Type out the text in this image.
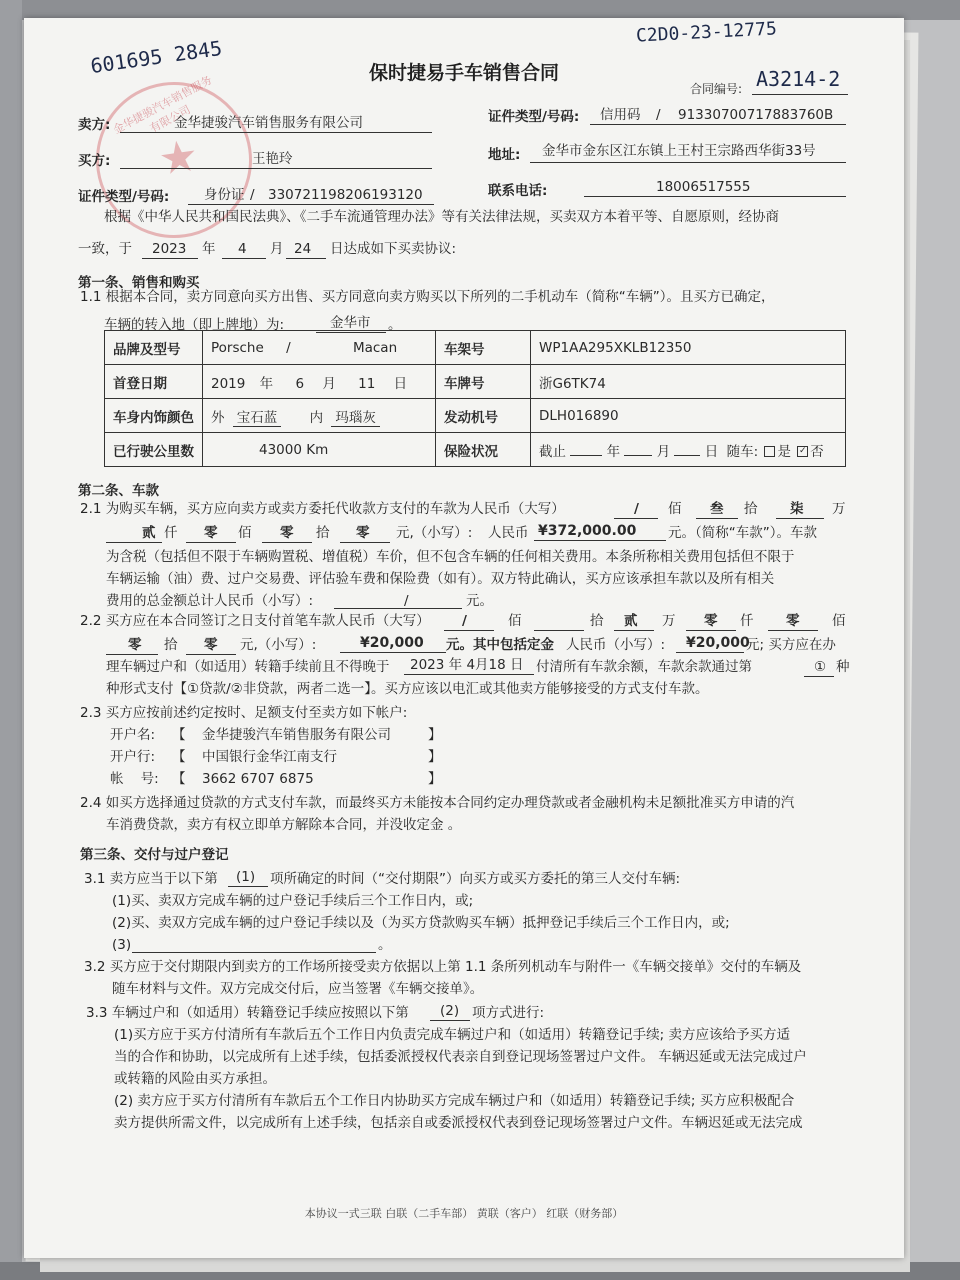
金华捷骏汽车销售服务有限公司
★
601695 2845
C2D0-23-12775
保时捷易手车销售合同
合同编号: A3214-2
卖方:	金华捷骏汽车销售服务有限公司	证件类型/号码: 信用码 / 91330700717883760B
买方:	王艳玲	地址: 金华市金东区江东镇上王村王宗路西华街33号
证件类型/号码:	身份证 / 330721198206193120	联系电话:	18006517555
根据《中华人民共和国民法典》、《二手车流通管理办法》等有关法律法规，买卖双方本着平等、自愿原则，经协商
一致，于 2023 年 4 月 24 日达成如下买卖协议:
第一条、销售和购买
1.1 根据本合同，卖方同意向买方出售、买方同意向卖方购买以下所列的二手机动车（简称“车辆”）。且买方已确定，
车辆的转入地（即上牌地）为:	金华市 。
品牌及型号	Porsche / Macan	车架号	WP1AA295XKLB12350
首登日期	2019 年 6 月 11 日	车牌号	浙G6TK74
车身内饰颜色	外 宝石蓝 内 玛瑙灰	发动机号	DLH016890
已行驶公里数	43000 Km	保险状况	截止 年 月 日 随车: 是 ✓ 否
第二条、车款
2.1 为购买车辆，买方应向卖方或卖方委托代收款方支付的车款为人民币（大写）	/ 佰 叁 拾 柒 万
贰 仟 零 佰 零 拾 零 元,（小写）: 人民币 ¥372,000.00 元。（简称“车款”）。车款
为含税（包括但不限于车辆购置税、增值税）车价，但不包含车辆的任何相关费用。本条所称相关费用包括但不限于
车辆运输（油）费、过户交易费、评估验车费和保险费（如有）。双方特此确认，买方应该承担车款以及所有相关
费用的总金额总计人民币（小写）:	/	元。
2.2 买方应在本合同签订之日支付首笔车款人民币（大写） /	佰	拾 贰 万 零 仟 零 佰
零 拾 零 元,（小写）:	¥20,000 元。其中包括定金 人民币（小写）: ¥20,000
元; 买方应在办
理车辆过户和（如适用）转籍手续前且不得晚于 2023 年 4月18 日 付清所有车款余额，车款余款通过第	① 种
种形式支付【①贷款/②非贷款，两者二选一】。买方应该以电汇或其他卖方能够接受的方式支付车款。
2.3 买方应按前述约定按时、足额支付至卖方如下帐户:
开户名: 【 金华捷骏汽车销售服务有限公司	】
开户行: 【 中国银行金华江南支行	】
帐    号: 【 3662 6707 6875	】
2.4 如买方选择通过贷款的方式支付车款，而最终买方未能按本合同约定办理贷款或者金融机构未足额批准买方申请的汽
车消费贷款，卖方有权立即单方解除本合同，并没收定金 。
第三条、交付与过户登记
3.1 卖方应当于以下第 (1) 项所确定的时间（“交付期限”）向买方或买方委托的第三人交付车辆:
(1)买、卖双方完成车辆的过户登记手续后三个工作日内，或;
(2)买、卖双方完成车辆的过户登记手续以及（为买方贷款购买车辆）抵押登记手续后三个工作日内，或;
(3)	。
3.2 买方应于交付期限内到卖方的工作场所接受卖方依据以上第 1.1 条所列机动车与附件一《车辆交接单》交付的车辆及
随车材料与文件。双方完成交付后，应当签署《车辆交接单》。
3.3 车辆过户和（如适用）转籍登记手续应按照以下第 (2) 项方式进行:
(1)买方应于买方付清所有车款后五个工作日内负责完成车辆过户和（如适用）转籍登记手续; 卖方应该给予买方适
当的合作和协助，以完成所有上述手续，包括委派授权代表亲自到登记现场签署过户文件。 车辆迟延或无法完成过户
或转籍的风险由买方承担。
(2) 卖方应于买方付清所有车款后五个工作日内协助买方完成车辆过户和（如适用）转籍登记手续; 买方应积极配合
卖方提供所需文件，以完成所有上述手续，包括亲自或委派授权代表到登记现场签署过户文件。车辆迟延或无法完成
本协议一式三联 白联（二手车部） 黄联（客户） 红联（财务部）
